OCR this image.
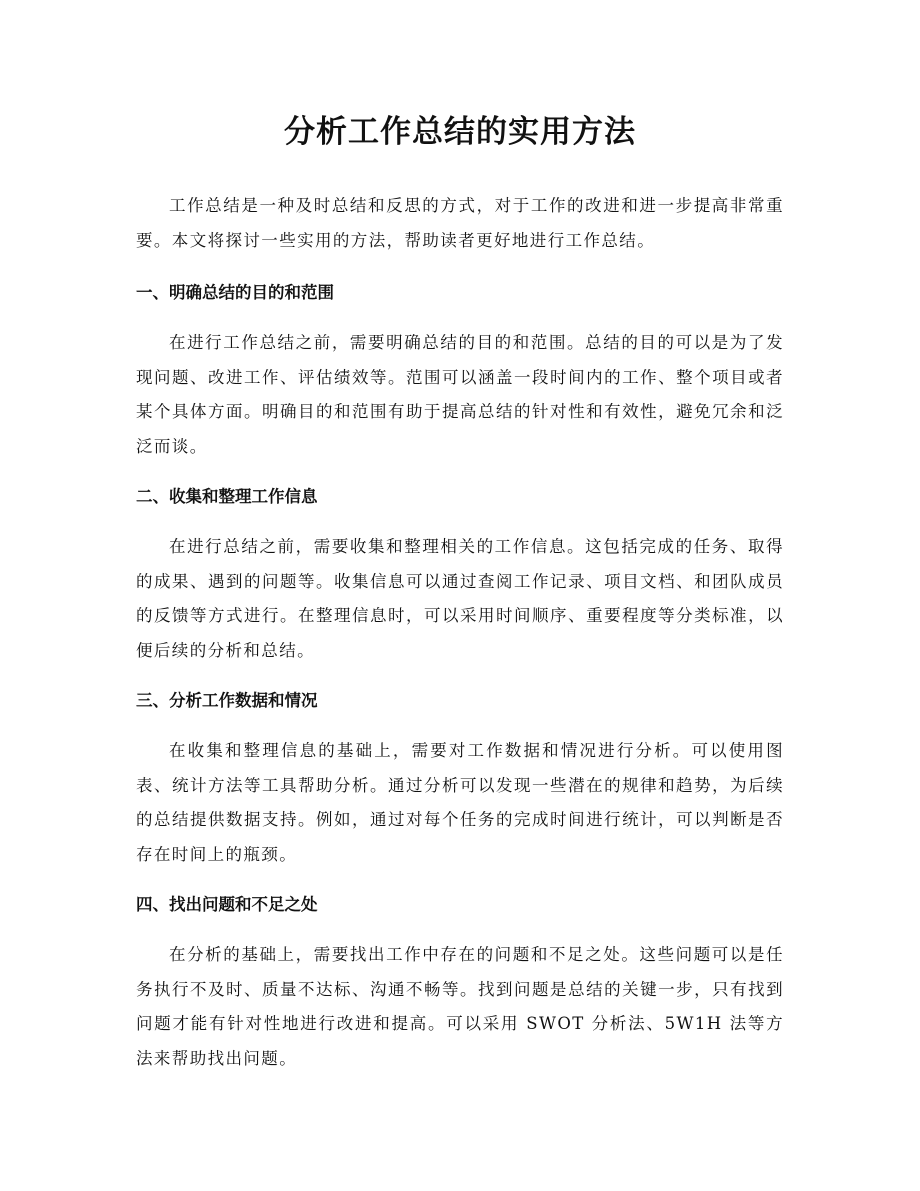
分析工作总结的实用方法

工作总结是一种及时总结和反思的方式，对于工作的改进和进一步提高非常重要。本文将探讨一些实用的方法，帮助读者更好地进行工作总结。

一、明确总结的目的和范围

在进行工作总结之前，需要明确总结的目的和范围。总结的目的可以是为了发现问题、改进工作、评估绩效等。范围可以涵盖一段时间内的工作、整个项目或者某个具体方面。明确目的和范围有助于提高总结的针对性和有效性，避免冗余和泛泛而谈。

二、收集和整理工作信息

在进行总结之前，需要收集和整理相关的工作信息。这包括完成的任务、取得的成果、遇到的问题等。收集信息可以通过查阅工作记录、项目文档、和团队成员的反馈等方式进行。在整理信息时，可以采用时间顺序、重要程度等分类标准，以便后续的分析和总结。

三、分析工作数据和情况

在收集和整理信息的基础上，需要对工作数据和情况进行分析。可以使用图表、统计方法等工具帮助分析。通过分析可以发现一些潜在的规律和趋势，为后续的总结提供数据支持。例如，通过对每个任务的完成时间进行统计，可以判断是否存在时间上的瓶颈。

四、找出问题和不足之处

在分析的基础上，需要找出工作中存在的问题和不足之处。这些问题可以是任务执行不及时、质量不达标、沟通不畅等。找到问题是总结的关键一步，只有找到问题才能有针对性地进行改进和提高。可以采用 SWOT 分析法、5W1H 法等方法来帮助找出问题。
